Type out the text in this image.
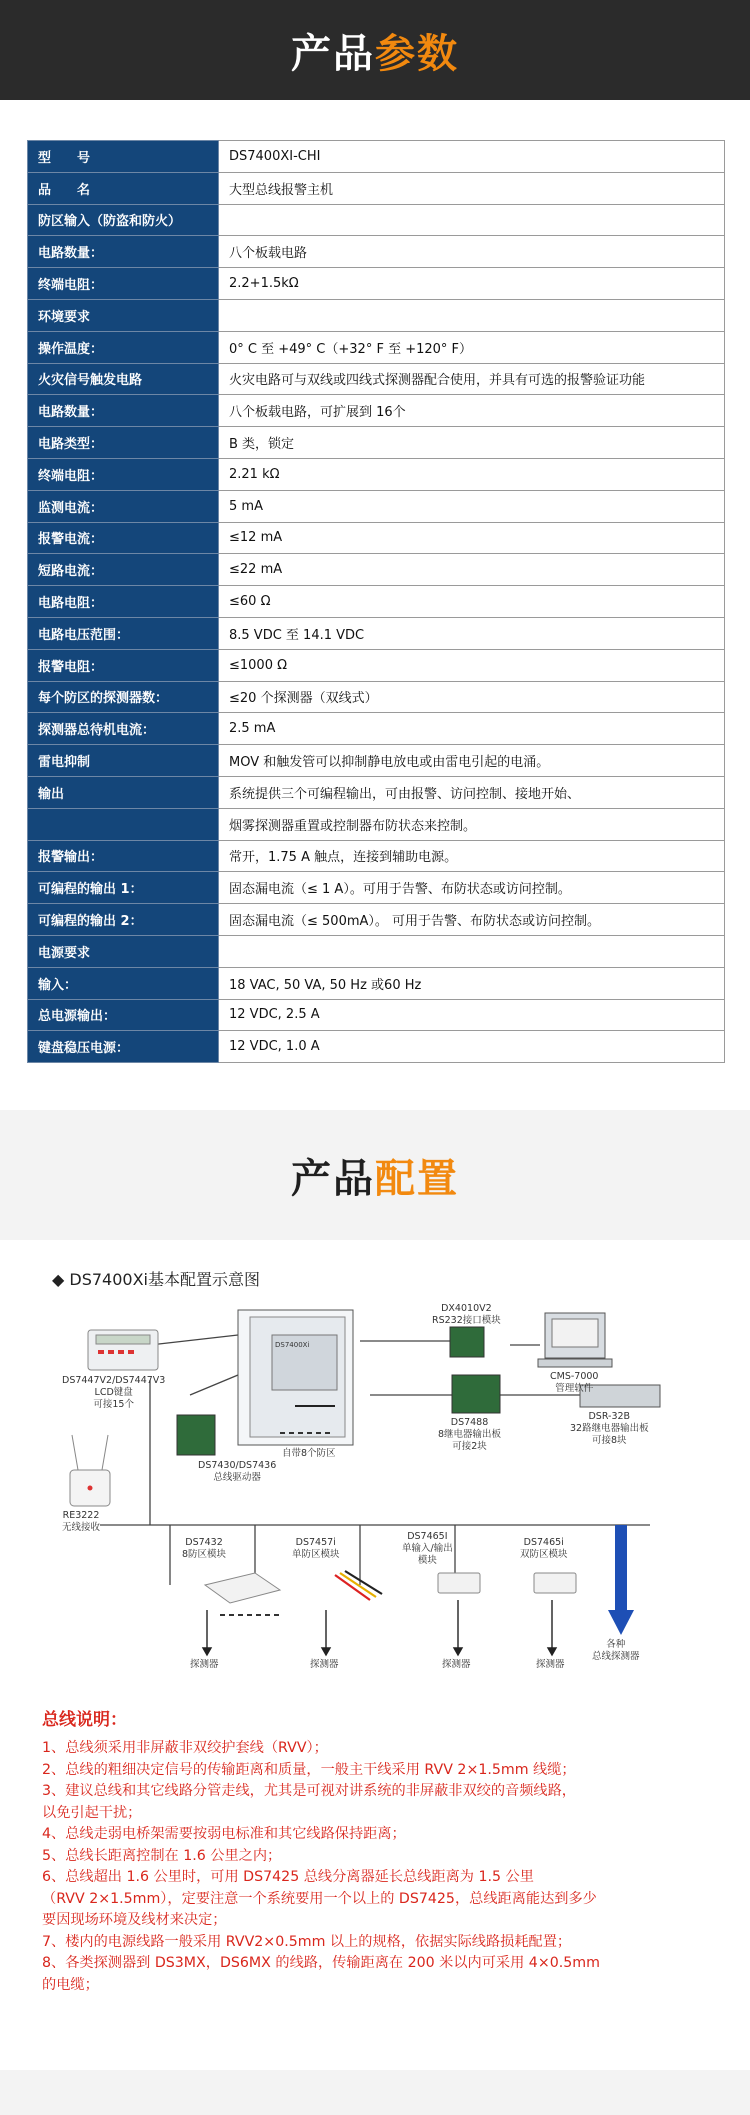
产品参数
型　　号	DS7400XI-CHI
品　　名	大型总线报警主机
防区输入（防盗和防火）	
电路数量：	八个板载电路
终端电阻：	2.2+1.5kΩ
环境要求	
操作温度：	0° C 至 +49° C（+32° F 至 +120° F）
火灾信号触发电路	火灾电路可与双线或四线式探测器配合使用，并具有可选的报警验证功能
电路数量：	八个板载电路，可扩展到 16个
电路类型：	B 类，锁定
终端电阻：	2.21 kΩ
监测电流：	5 mA
报警电流：	≤12 mA
短路电流：	≤22 mA
电路电阻：	≤60 Ω
电路电压范围：	8.5 VDC 至 14.1 VDC
报警电阻：	≤1000 Ω
每个防区的探测器数：	≤20 个探测器（双线式）
探测器总待机电流：	2.5 mA
雷电抑制	MOV 和触发管可以抑制静电放电或由雷电引起的电涌。
输出	系统提供三个可编程输出，可由报警、访问控制、接地开始、
	烟雾探测器重置或控制器布防状态来控制。
报警输出：	常开，1.75 A 触点，连接到辅助电源。
可编程的输出 1：	固态漏电流（≤ 1 A）。可用于告警、布防状态或访问控制。
可编程的输出 2：	固态漏电流（≤ 500mA）。 可用于告警、布防状态或访问控制。
电源要求	
输入：	18 VAC, 50 VA, 50 Hz 或60 Hz
总电源输出：	12 VDC, 2.5 A
键盘稳压电源：	12 VDC, 1.0 A
产品配置
◆ DS7400Xi基本配置示意图
DS7447V2/DS7447V3
LCD键盘
可接15个
DS7400Xi
自带8个防区
DX4010V2
RS232接口模块
CMS-7000
管理软件
DS7488
8继电器输出板
可接2块
DSR-32B
32路继电器输出板
可接8块
DS7430/DS7436
总线驱动器
RE3222
无线接收
DS7432
8防区模块
DS7457i
单防区模块
DS7465I
单输入/输出
模块
DS7465i
双防区模块
探测器	探测器	探测器	探测器
各种
总线探测器
总线说明：
1、总线须采用非屏蔽非双绞护套线（RVV）；
2、总线的粗细决定信号的传输距离和质量，一般主干线采用 RVV 2×1.5mm 线缆；
3、建议总线和其它线路分管走线，尤其是可视对讲系统的非屏蔽非双绞的音频线路，
以免引起干扰；
4、总线走弱电桥架需要按弱电标准和其它线路保持距离；
5、总线长距离控制在 1.6 公里之内；
6、总线超出 1.6 公里时，可用 DS7425 总线分离器延长总线距离为 1.5 公里
（RVV 2×1.5mm），定要注意一个系统要用一个以上的 DS7425，总线距离能达到多少
要因现场环境及线材来决定；
7、楼内的电源线路一般采用 RVV2×0.5mm 以上的规格，依据实际线路损耗配置；
8、各类探测器到 DS3MX，DS6MX 的线路，传输距离在 200 米以内可采用 4×0.5mm
的电缆；
